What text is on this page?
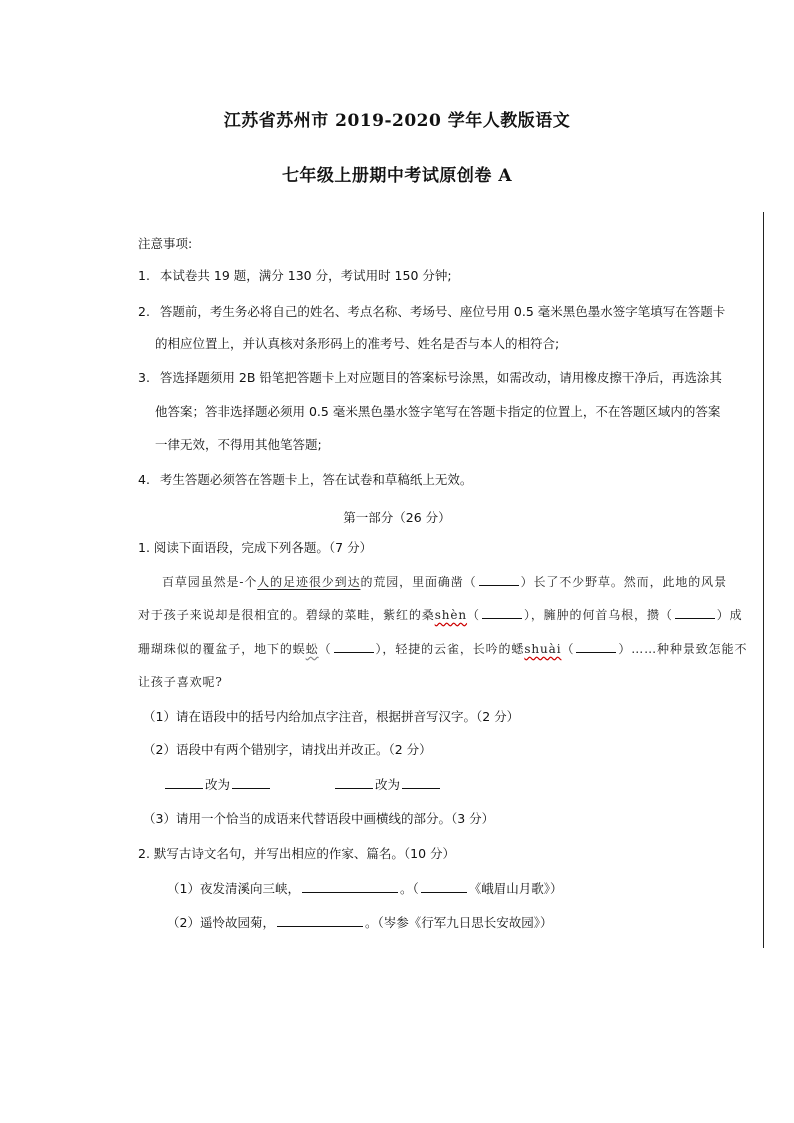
江苏省苏州市 2019-2020 学年人教版语文
七年级上册期中考试原创卷 A
注意事项:
1. 本试卷共 19 题，满分 130 分，考试用时 150 分钟;
2. 答题前，考生务必将自己的姓名、考点名称、考场号、座位号用 0.5 毫米黑色墨水签字笔填写在答题卡
的相应位置上，并认真核对条形码上的准考号、姓名是否与本人的相符合;
3. 答选择题须用 2B 铅笔把答题卡上对应题目的答案标号涂黑，如需改动，请用橡皮擦干净后，再选涂其
他答案；答非选择题必须用 0.5 毫米黑色墨水签字笔写在答题卡指定的位置上，不在答题区域内的答案
一律无效，不得用其他笔答题;
4. 考生答题必须答在答题卡上，答在试卷和草稿纸上无效。
第一部分（26 分）
1. 阅读下面语段，完成下列各题。（7 分）
百草园虽然是-个人的足迹很少到达的荒园，里面确凿（	）长了不少野草。然而，此地的风景
对于孩子来说却是很相宜的。碧绿的菜畦，紫红的桑shèn（	），臃肿的何首乌根，攒（	）成
珊瑚珠似的覆盆子，地下的蜈蚣（	），轻捷的云雀，长吟的蟋shuài（	）……种种景致怎能不
让孩子喜欢呢?
（1）请在语段中的括号内给加点字注音，根据拼音写汉字。（2 分）
（2）语段中有两个错别字，请找出并改正。（2 分）
改为	改为
（3）请用一个恰当的成语来代替语段中画横线的部分。（3 分）
2. 默写古诗文名句，并写出相应的作家、篇名。（10 分）
（1）夜发清溪向三峡，	。（	《峨眉山月歌》）
（2）遥怜故园菊，	。（岑参《行军九日思长安故园》）
